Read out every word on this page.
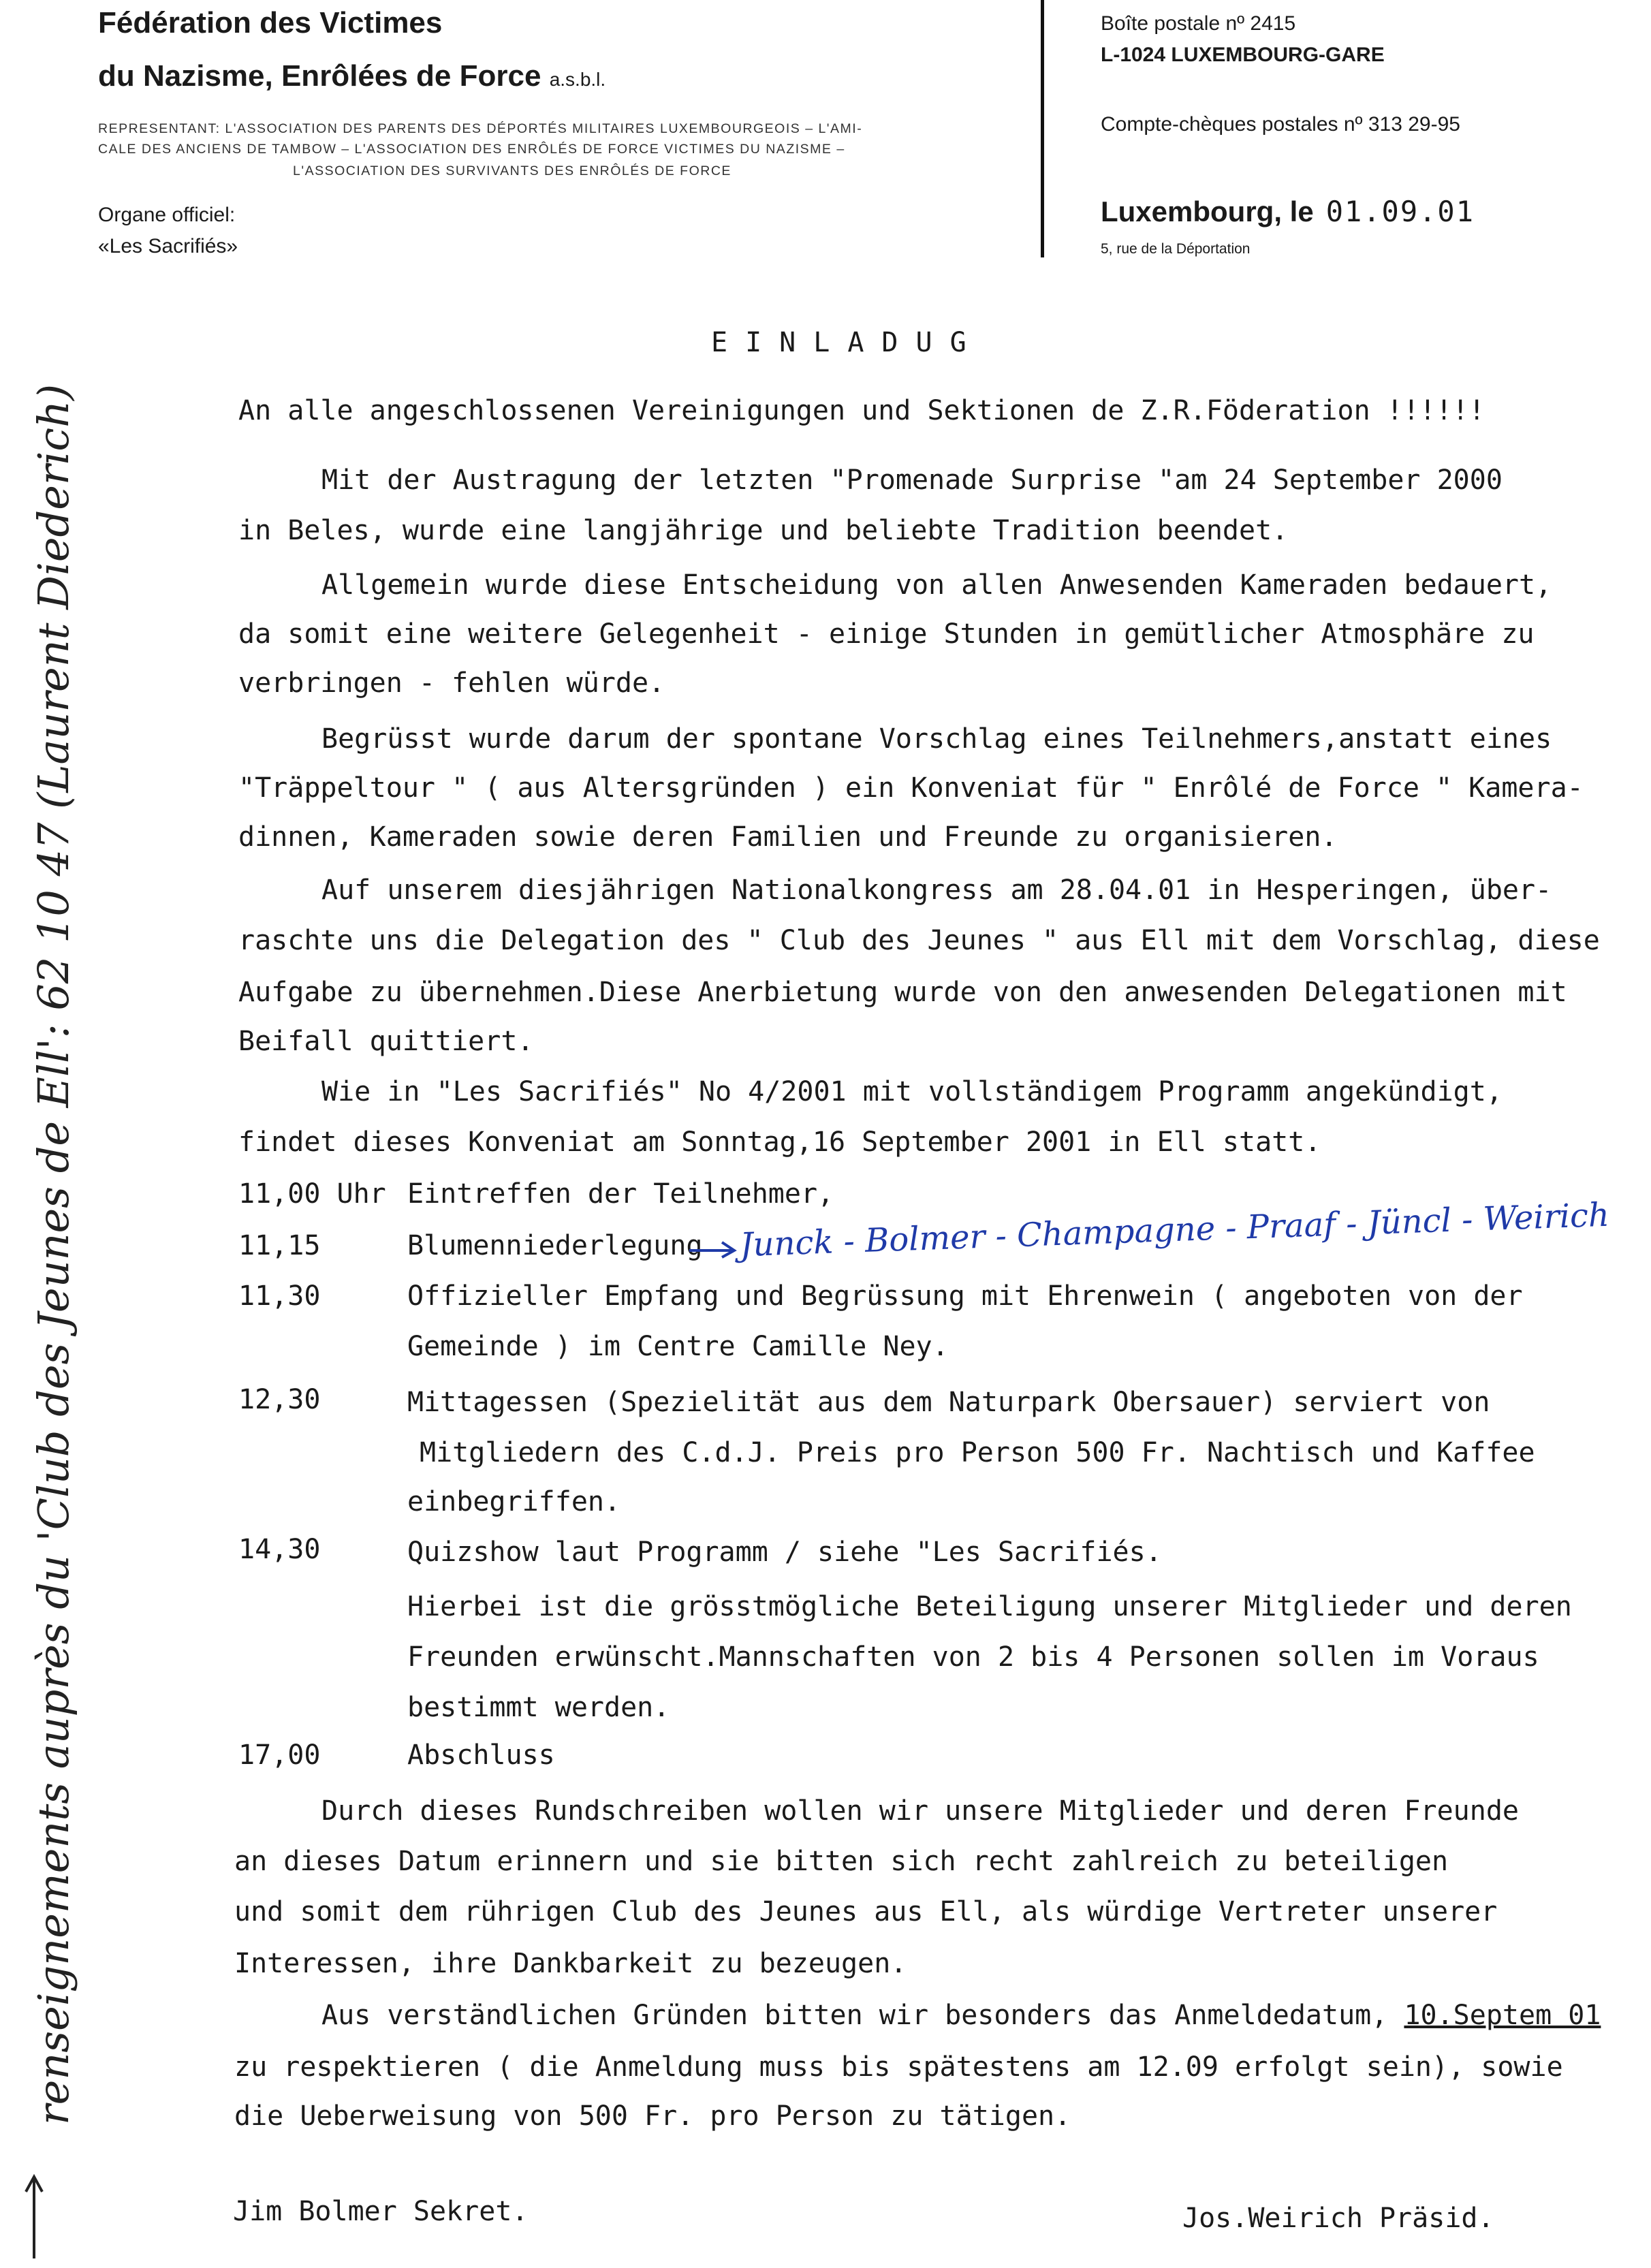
Fédération des Victimes
du Nazisme, Enrôlées de Force a.s.b.l.
REPRESENTANT: L'ASSOCIATION DES PARENTS DES DÉPORTÉS MILITAIRES LUXEMBOURGEOIS – L'AMI-
CALE DES ANCIENS DE TAMBOW – L'ASSOCIATION DES ENRÔLÉS DE FORCE VICTIMES DU NAZISME –
L'ASSOCIATION DES SURVIVANTS DES ENRÔLÉS DE FORCE
Organe officiel:
«Les Sacrifiés»
Boîte postale nº 2415
L-1024 LUXEMBOURG-GARE
Compte-chèques postales nº 313 29-95
Luxembourg, le 01.09.01
5, rue de la Déportation
EINLADUG
An alle angeschlossenen Vereinigungen und Sektionen de Z.R.Föderation !!!!!!
Mit der Austragung der letzten "Promenade Surprise "am 24 September 2000
in Beles, wurde eine langjährige und beliebte Tradition beendet.
Allgemein wurde diese Entscheidung von allen Anwesenden Kameraden bedauert,
da somit eine weitere Gelegenheit - einige Stunden in gemütlicher Atmosphäre zu
verbringen - fehlen würde.
Begrüsst wurde darum der spontane Vorschlag eines Teilnehmers,anstatt eines
"Träppeltour " ( aus Altersgründen ) ein Konveniat für " Enrôlé de Force " Kamera-
dinnen, Kameraden sowie deren Familien und Freunde zu organisieren.
Auf unserem diesjährigen Nationalkongress am 28.04.01 in Hesperingen, über-
raschte uns die Delegation des " Club des Jeunes " aus Ell mit dem Vorschlag, diese
Aufgabe zu übernehmen.Diese Anerbietung wurde von den anwesenden Delegationen mit
Beifall quittiert.
Wie in "Les Sacrifiés" No 4/2001 mit vollständigem Programm angekündigt,
findet dieses Konveniat am Sonntag,16 September 2001 in Ell statt.
11,00 Uhr Eintreffen der Teilnehmer,
11,15	Blumenniederlegung Junck - Bolmer - Champagne - Praaf - Jüncl - Weirich
11,30	Offizieller Empfang und Begrüssung mit Ehrenwein ( angeboten von der
Gemeinde ) im Centre Camille Ney.
12,30	Mittagessen (Spezielität aus dem Naturpark Obersauer) serviert von
Mitgliedern des C.d.J. Preis pro Person 500 Fr. Nachtisch und Kaffee
einbegriffen.
14,30	Quizshow laut Programm / siehe "Les Sacrifiés.
Hierbei ist die grösstmögliche Beteiligung unserer Mitglieder und deren
Freunden erwünscht.Mannschaften von 2 bis 4 Personen sollen im Voraus
bestimmt werden.
17,00	Abschluss
Durch dieses Rundschreiben wollen wir unsere Mitglieder und deren Freunde
an dieses Datum erinnern und sie bitten sich recht zahlreich zu beteiligen
und somit dem rührigen Club des Jeunes aus Ell, als würdige Vertreter unserer
Interessen, ihre Dankbarkeit zu bezeugen.
Aus verständlichen Gründen bitten wir besonders das Anmeldedatum, 10.Septem 01
zu respektieren ( die Anmeldung muss bis spätestens am 12.09 erfolgt sein), sowie
die Ueberweisung von 500 Fr. pro Person zu tätigen.
Jim Bolmer Sekret.	Jos.Weirich Präsid.
renseignements auprès du 'Club des Jeunes de Ell': 62 10 47 (Laurent Diederich)
